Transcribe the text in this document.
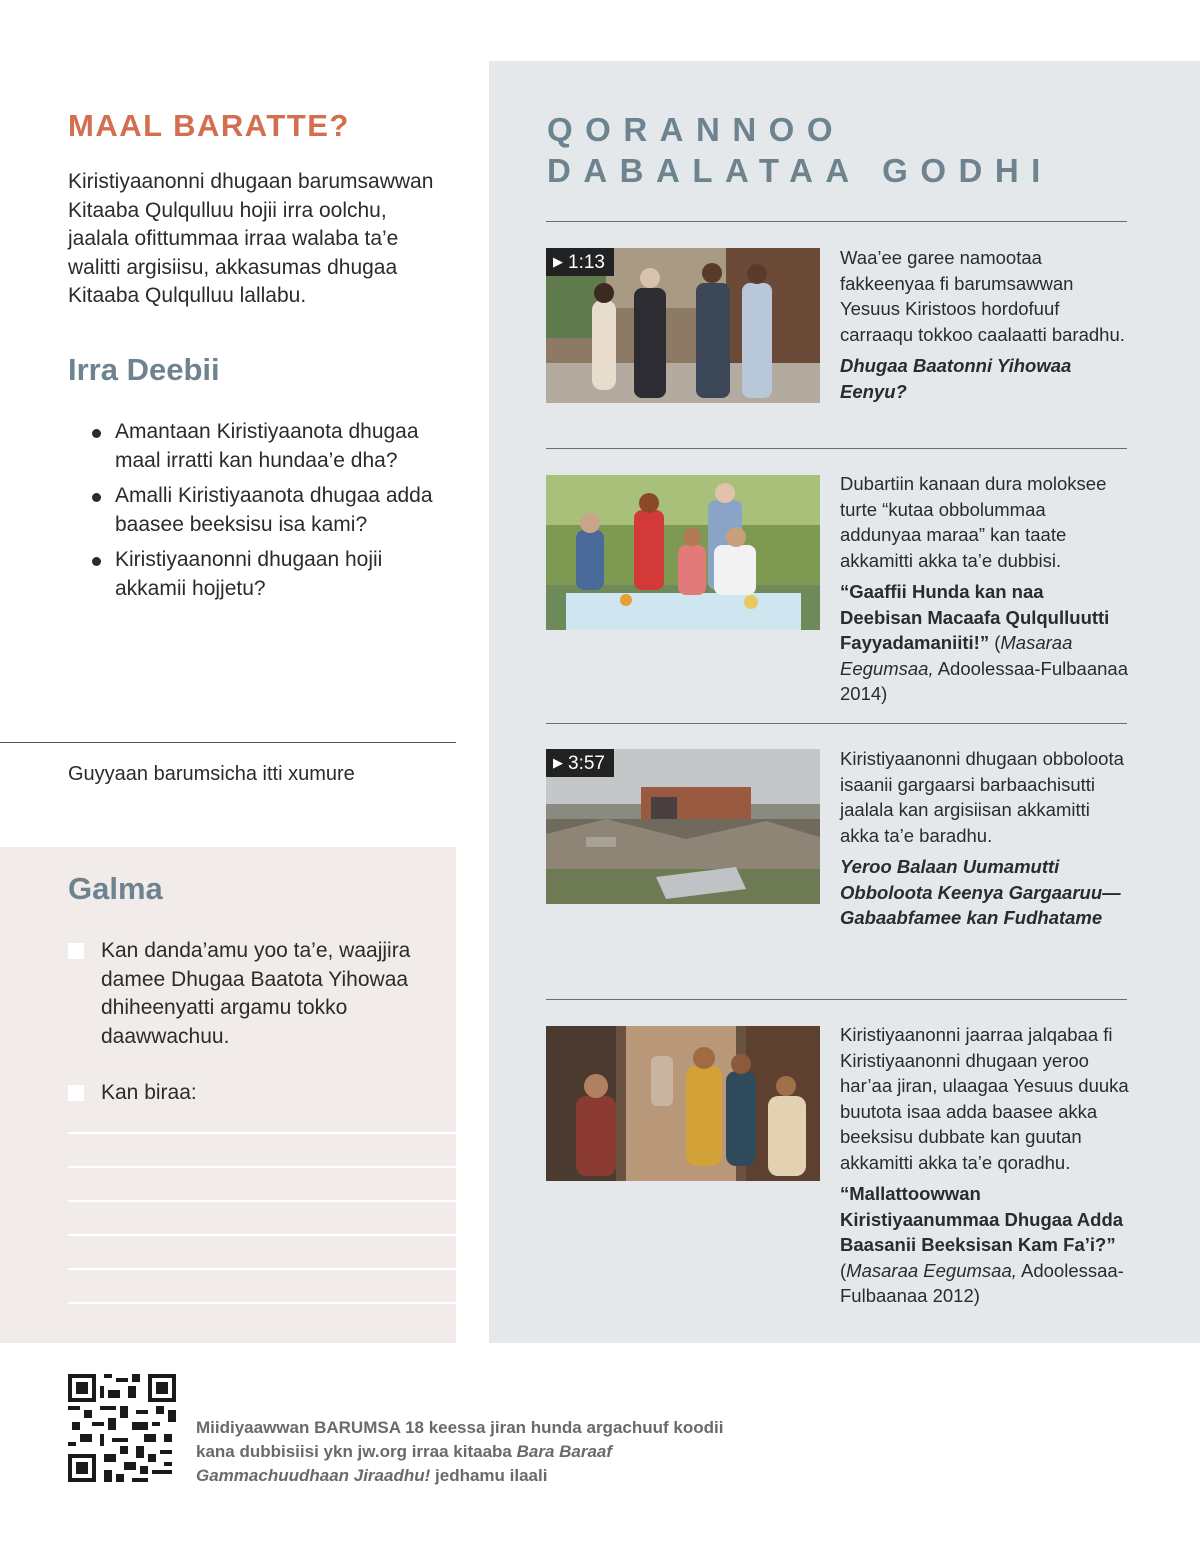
MAAL BARATTE?

Kiristiyaanonni dhugaan barumsawwan Kitaaba Qulqulluu hojii irra oolchu, jaalala ofittummaa irraa walaba ta’e walitti argisiisu, akkasumas dhugaa Kitaaba Qulqulluu lallabu.

Irra Deebii
Amantaan Kiristiyaanota dhugaa maal irratti kan hundaa’e dha?
Amalli Kiristiyaanota dhugaa adda baasee beeksisu isa kami?
Kiristiyaanonni dhugaan hojii akkamii hojjetu?
Guyyaan barumsicha itti xumure
Galma
Kan danda’amu yoo ta’e, waajjira damee Dhugaa Baatota Yihowaa dhiheenyatti argamu tokko daawwachuu.
Kan biraa:
QORANNOO
DABALATAA GODHI
▶ 1:13	Waa’ee garee namootaa fakkeenyaa fi barumsawwan Yesuus Kiristoos hordofuuf carraaqu tokkoo caalaatti baradhu.
Dhugaa Baatonni Yihowaa Eenyu?
Dubartiin kanaan dura moloksee turte “kutaa obbolummaa addunyaa maraa” kan taate akkamitti akka ta’e dubbisi.
“Gaaffii Hunda kan naa Deebisan Macaafa Qulqulluutti Fayyadamaniiti!” (Masaraa Eegumsaa, Adoolessaa-Fulbaanaa 2014)
▶ 3:57	Kiristiyaanonni dhugaan obboloota isaanii gargaarsi barbaachisutti jaalala kan argisiisan akkamitti akka ta’e baradhu.
Yeroo Balaan Uumamutti Obboloota Keenya Gargaaruu—Gabaabfamee kan Fudhatame
Kiristiyaanonni jaarraa jalqabaa fi Kiristiyaanonni dhugaan yeroo har’aa jiran, ulaagaa Yesuus duuka buutota isaa adda baasee akka beeksisu dubbate kan guutan akkamitti akka ta’e qoradhu.
“Mallattoowwan Kiristiyaanummaa Dhugaa Adda Baasanii Beeksisan Kam Fa’i?” (Masaraa Eegumsaa, Adoolessaa-Fulbaanaa 2012)
Miidiyaawwan BARUMSA 18 keessa jiran hunda argachuuf koodii kana dubbisiisi ykn jw.org irraa kitaaba Bara Baraaf Gammachuudhaan Jiraadhu! jedhamu ilaali
